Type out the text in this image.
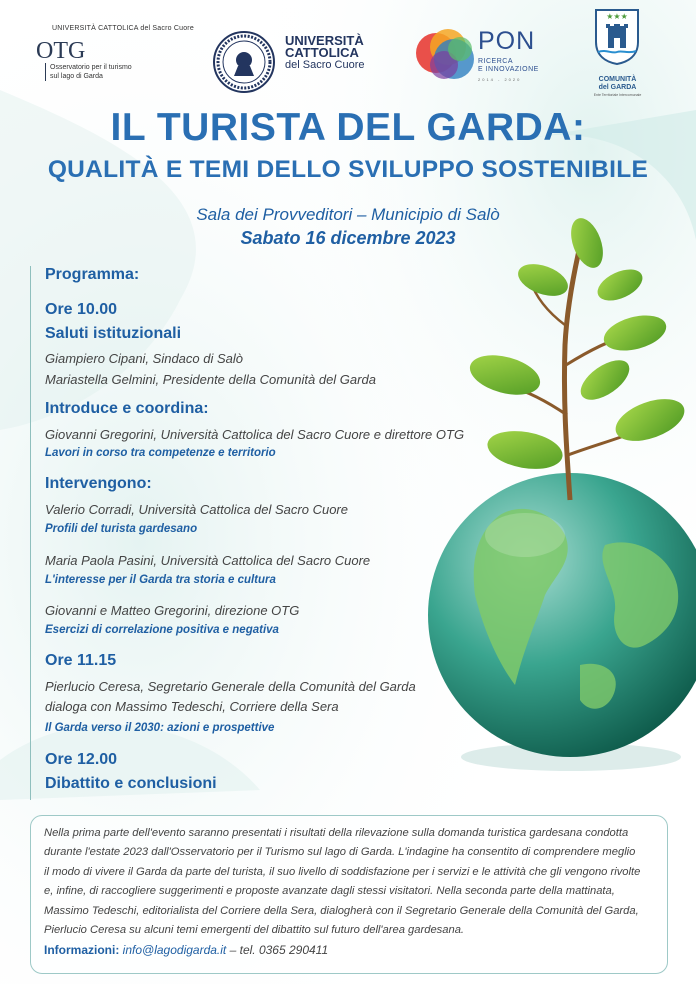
UNIVERSITÀ CATTOLICA del Sacro Cuore
OTG
Osservatorio per il turismo
sul lago di Garda
UNIVERSITÀ
CATTOLICA
del Sacro Cuore
PON
RICERCA
E INNOVAZIONE
2014 - 2020
★★★
COMUNITÀ
del GARDA
Ente Territoriale Intercomunale
IL TURISTA DEL GARDA:
QUALITÀ E TEMI DELLO SVILUPPO SOSTENIBILE
Sala dei Provveditori – Municipio di Salò
Sabato 16 dicembre 2023
Programma:
Ore 10.00
Saluti istituzionali
Giampiero Cipani, Sindaco di Salò
Mariastella Gelmini, Presidente della Comunità del Garda
Introduce e coordina:
Giovanni Gregorini, Università Cattolica del Sacro Cuore e direttore OTG
Lavori in corso tra competenze e territorio
Intervengono:
Valerio Corradi, Università Cattolica del Sacro Cuore
Profili del turista gardesano
Maria Paola Pasini, Università Cattolica del Sacro Cuore
L'interesse per il Garda tra storia e cultura
Giovanni e Matteo Gregorini, direzione OTG
Esercizi di correlazione positiva e negativa
Ore 11.15
Pierlucio Ceresa, Segretario Generale della Comunità del Garda
dialoga con Massimo Tedeschi, Corriere della Sera
Il Garda verso il 2030: azioni e prospettive
Ore 12.00
Dibattito e conclusioni
Nella prima parte dell'evento saranno presentati i risultati della rilevazione sulla domanda turistica gardesana condotta
durante l'estate 2023 dall'Osservatorio per il Turismo sul lago di Garda. L'indagine ha consentito di comprendere meglio
il modo di vivere il Garda da parte del turista, il suo livello di soddisfazione per i servizi e le attività che gli vengono rivolte
e, infine, di raccogliere suggerimenti e proposte avanzate dagli stessi visitatori. Nella seconda parte della mattinata,
Massimo Tedeschi, editorialista del Corriere della Sera, dialogherà con il Segretario Generale della Comunità del Garda,
Pierlucio Ceresa su alcuni temi emergenti del dibattito sul futuro dell'area gardesana.
Informazioni: info@lagodigarda.it – tel. 0365 290411
